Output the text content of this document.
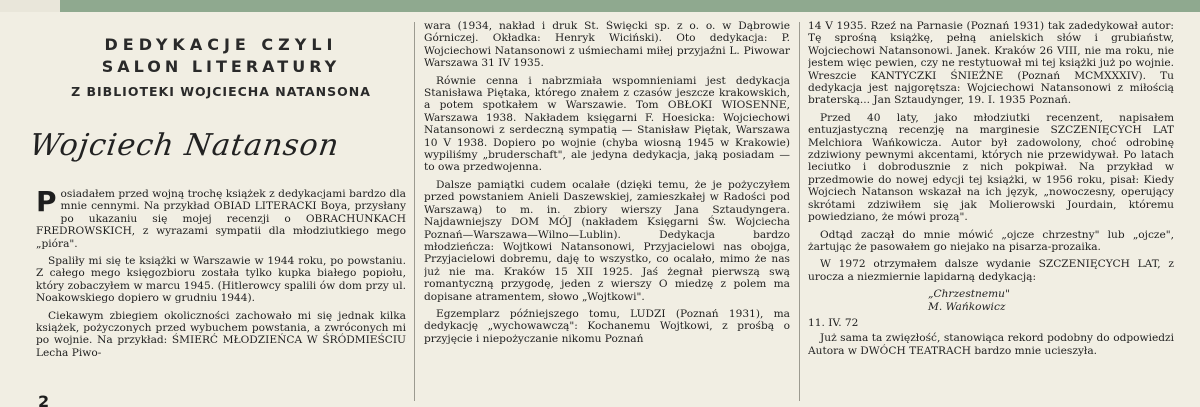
DEDYKACJE CZYLI
SALON LITERATURY
Z BIBLIOTEKI WOJCIECHA NATANSONA
Wojciech Natanson

Posiadałem przed wojną trochę książek z dedykacjami bardzo dla mnie cennymi. Na przykład OBIAD LITERACKI Boya, przysłany po ukazaniu się mojej recenzji o OBRACHUNKACH FREDROWSKICH, z wyrazami sympatii dla młodziutkiego mego „pióra".

Spaliły mi się te książki w Warszawie w 1944 roku, po powstaniu. Z całego mego księgozbioru została tylko kupka białego popiołu, który zobaczyłem w marcu 1945. (Hitlerowcy spalili ów dom przy ul. Noakowskiego dopiero w grudniu 1944).

Ciekawym zbiegiem okoliczności zachowało mi się jednak kilka książek, pożyczonych przed wybuchem powstania, a zwróconych mi po wojnie. Na przykład: ŚMIERĆ MŁODZIEŃCA W ŚRÓDMIEŚCIU Lecha Piwo-

2

wara (1934, nakład i druk St. Święcki sp. z o. o. w Dąbrowie Górniczej. Okładka: Henryk Wiciński). Oto dedykacja: P. Wojciechowi Natansonowi z uśmiechami miłej przyjaźni L. Piwowar Warszawa 31 IV 1935.

Równie cenna i nabrzmiała wspomnieniami jest dedykacja Stanisława Piętaka, którego znałem z czasów jeszcze krakowskich, a potem spotkałem w Warszawie. Tom OBŁOKI WIOSENNE, Warszawa 1938. Nakładem księgarni F. Hoesicka: Wojciechowi Natansonowi z serdeczną sympatią — Stanisław Piętak, Warszawa 10 V 1938. Dopiero po wojnie (chyba wiosną 1945 w Krakowie) wypiliśmy „bruderschaft", ale jedyna dedykacja, jaką posiadam — to owa przedwojenna.

Dalsze pamiątki cudem ocalałe (dzięki temu, że je pożyczyłem przed powstaniem Anieli Daszewskiej, zamieszkałej w Radości pod Warszawą) to m. in. zbiory wierszy Jana Sztaudyngera. Najdawniejszy DOM MÓJ (nakładem Księgarni Św. Wojciecha Poznań—Warszawa—Wilno—Lublin). Dedykacja bardzo młodzieńcza: Wojtkowi Natansonowi, Przyjacielowi nas obojga, Przyjacielowi dobremu, daję to wszystko, co ocalało, mimo że nas już nie ma. Kraków 15 XII 1925. Jaś żegnał pierwszą swą romantyczną przygodę, jeden z wierszy O miedzę z polem ma dopisane atramentem, słowo „Wojtkowi".

Egzemplarz późniejszego tomu, LUDZI (Poznań 1931), ma dedykację „wychowawczą": Kochanemu Wojtkowi, z prośbą o przyjęcie i niepożyczanie nikomu Poznań

14 V 1935. Rzeź na Parnasie (Poznań 1931) tak zadedykował autor: Tę sprośną książkę, pełną anielskich słów i grubiaństw, Wojciechowi Natansonowi. Janek. Kraków 26 VIII, nie ma roku, nie jestem więc pewien, czy ne restytuował mi tej książki już po wojnie. Wreszcie KANTYCZKI ŚNIEŻNE (Poznań MCMXXXIV). Tu dedykacja jest najgorętsza: Wojciechowi Natansonowi z miłością braterską... Jan Sztaudynger, 19. I. 1935 Poznań.

Przed 40 laty, jako młodziutki recenzent, napisałem entuzjastyczną recenzję na marginesie SZCZENIĘCYCH LAT Melchiora Wańkowicza. Autor był zadowolony, choć odrobinę zdziwiony pewnymi akcentami, których nie przewidywał. Po latach leciutko i dobrodusznie z nich pokpiwał. Na przykład w przedmowie do nowej edycji tej książki, w 1956 roku, pisał: Kiedy Wojciech Natanson wskazał na ich język, „nowoczesny, operujący skrótami zdziwiłem się jak Molierowski Jourdain, któremu powiedziano, że mówi prozą".

Odtąd zaczął do mnie mówić „ojcze chrzestny" lub „ojcze", żartując że pasowałem go niejako na pisarza-prozaika.

W 1972 otrzymałem dalsze wydanie SZCZENIĘCYCH LAT, z urocza a niezmiernie lapidarną dedykacją:

„Chrzestnemu"

M. Wańkowicz

11. IV. 72

Już sama ta zwięzłość, stanowiąca rekord podobny do odpowiedzi Autora w DWÓCH TEATRACH bardzo mnie ucieszyła.
